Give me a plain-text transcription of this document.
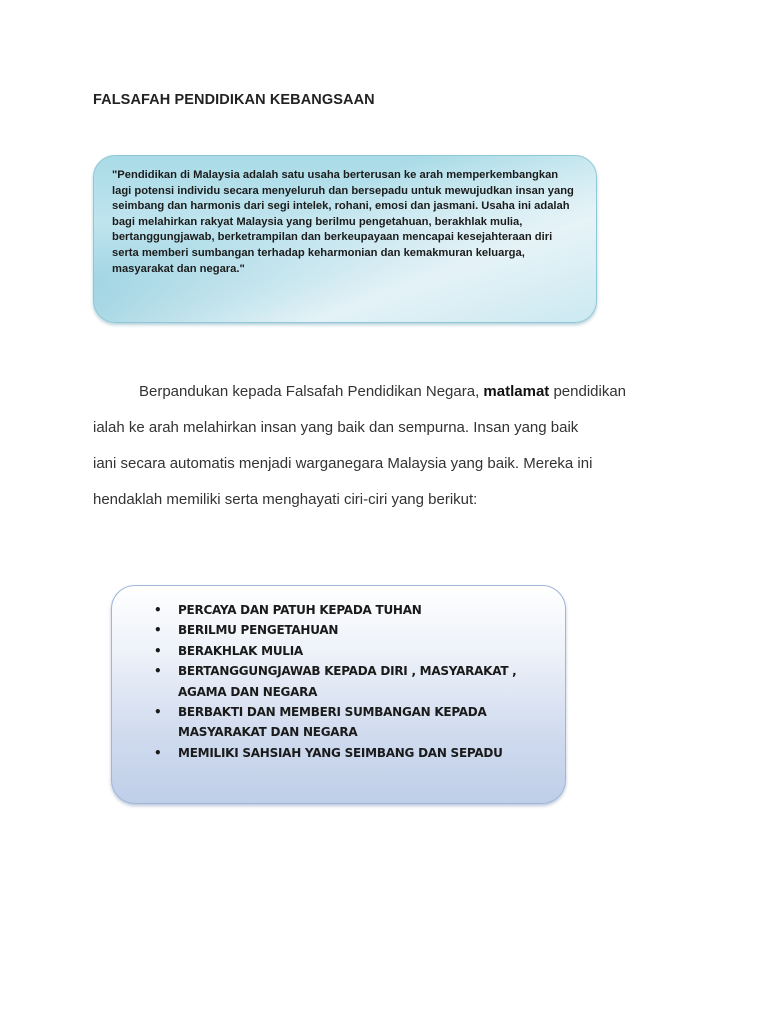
FALSAFAH PENDIDIKAN KEBANGSAAN

"Pendidikan di Malaysia adalah satu usaha berterusan ke arah memperkembangkan lagi potensi individu secara menyeluruh dan bersepadu untuk mewujudkan insan yang seimbang dan harmonis dari segi intelek, rohani, emosi dan jasmani. Usaha ini adalah bagi melahirkan rakyat Malaysia yang berilmu pengetahuan, berakhlak mulia, bertanggungjawab, berketrampilan dan berkeupayaan mencapai kesejahteraan diri serta memberi sumbangan terhadap keharmonian dan kemakmuran keluarga, masyarakat dan negara."

Berpandukan kepada Falsafah Pendidikan Negara, matlamat pendidikan
ialah ke arah melahirkan insan yang baik dan sempurna. Insan yang baik
iani secara automatis menjadi warganegara Malaysia yang baik. Mereka ini
hendaklah memiliki serta menghayati ciri-ciri yang berikut:
• PERCAYA DAN PATUH KEPADA TUHAN
• BERILMU PENGETAHUAN
• BERAKHLAK MULIA
• BERTANGGUNGJAWAB KEPADA DIRI , MASYARAKAT , AGAMA DAN NEGARA
• BERBAKTI DAN MEMBERI SUMBANGAN KEPADA MASYARAKAT DAN NEGARA
• MEMILIKI SAHSIAH YANG SEIMBANG DAN SEPADU
